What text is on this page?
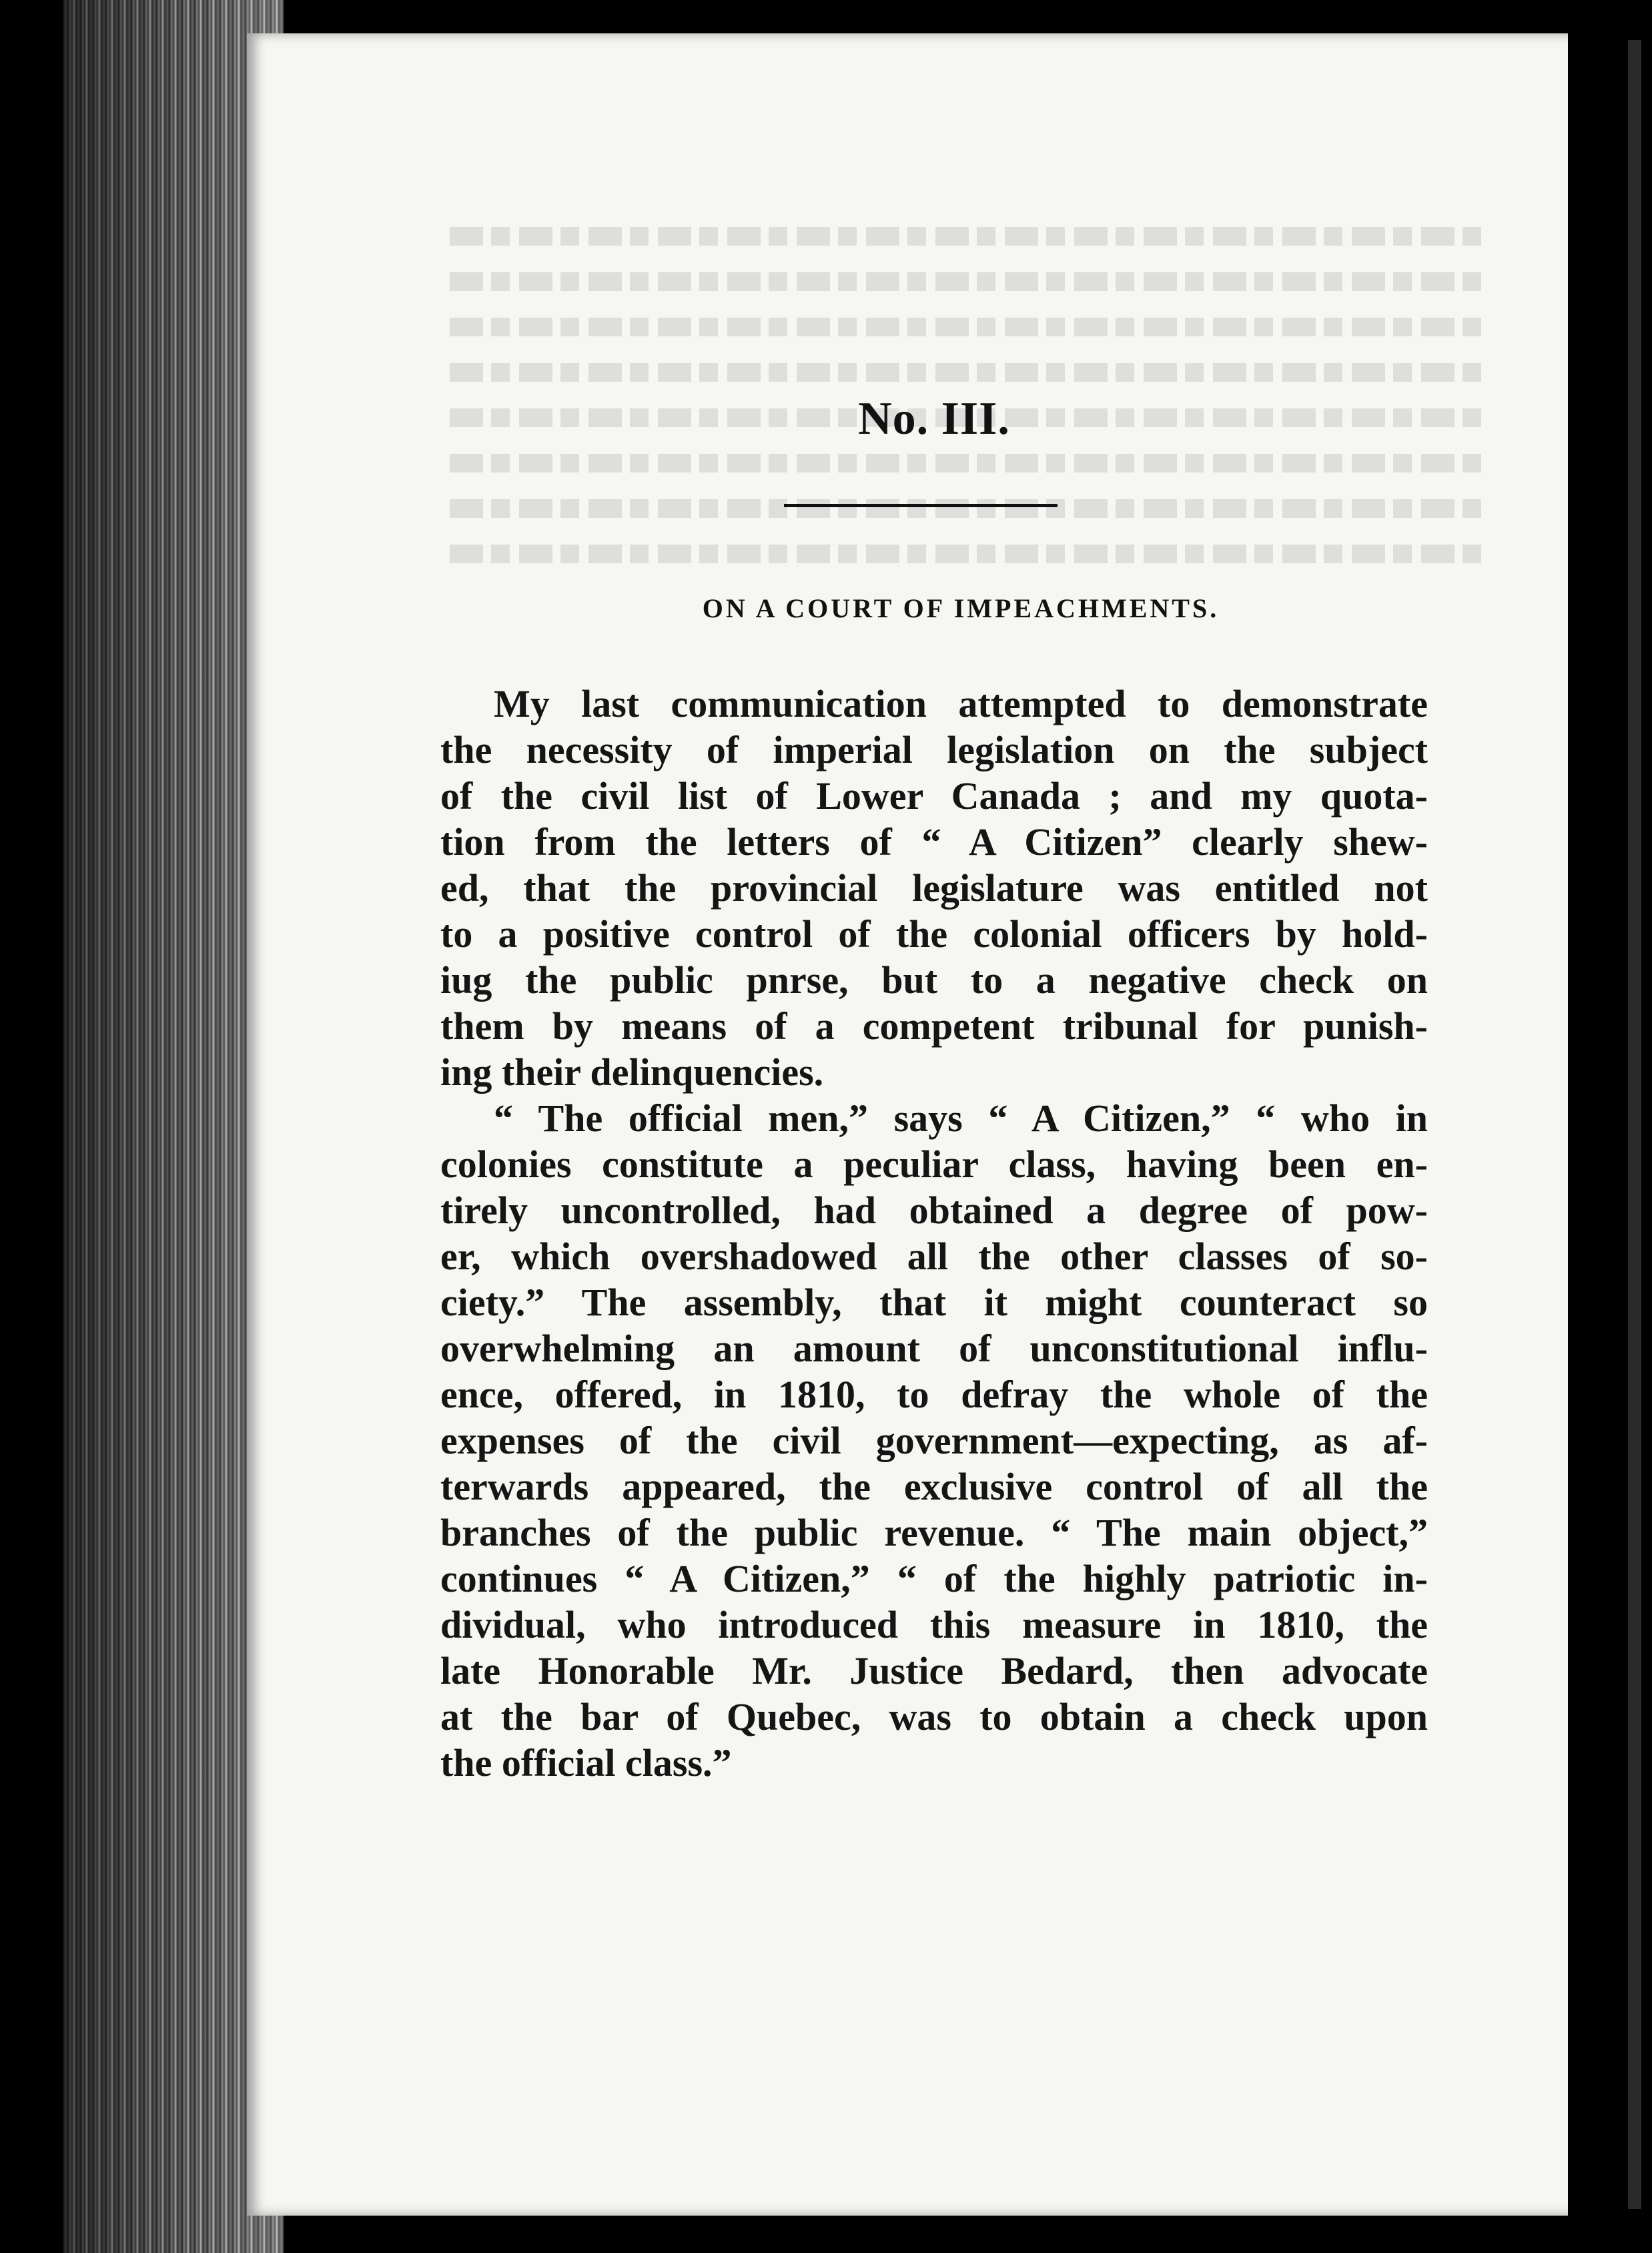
No. III.
ON A COURT OF IMPEACHMENTS.
My last communication attempted to demonstrate
the necessity of imperial legislation on the subject
of the civil list of Lower Canada ; and my quota-
tion from the letters of “ A Citizen” clearly shew-
ed, that the provincial legislature was entitled not
to a positive control of the colonial officers by hold-
iug the public pnrse, but to a negative check on
them by means of a competent tribunal for punish-
ing their delinquencies.
“ The official men,” says “ A Citizen,” “ who in
colonies constitute a peculiar class, having been en-
tirely uncontrolled, had obtained a degree of pow-
er, which overshadowed all the other classes of so-
ciety.” The assembly, that it might counteract so
overwhelming an amount of unconstitutional influ-
ence, offered, in 1810, to defray the whole of the
expenses of the civil government—expecting, as af-
terwards appeared, the exclusive control of all the
branches of the public revenue. “ The main object,”
continues “ A Citizen,” “ of the highly patriotic in-
dividual, who introduced this measure in 1810, the
late Honorable Mr. Justice Bedard, then advocate
at the bar of Quebec, was to obtain a check upon
the official class.”
